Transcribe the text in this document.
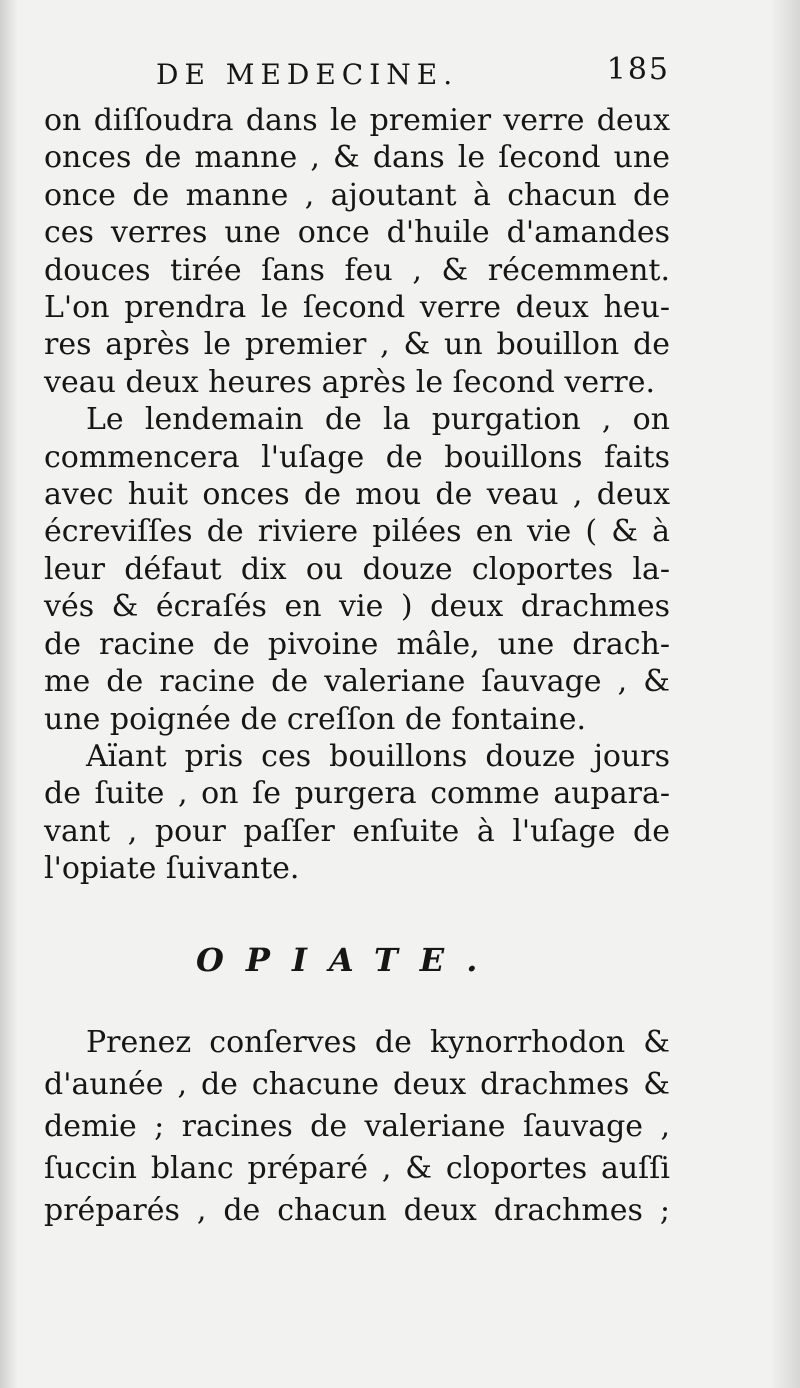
DE MEDECINE.	185
on diſſoudra dans le premier verre deux
onces de manne , & dans le ſecond une
once de manne , ajoutant à chacun de
ces verres une once d'huile d'amandes
douces tirée ſans feu , & récemment.
L'on prendra le ſecond verre deux heu-
res après le premier , & un bouillon de
veau deux heures après le ſecond verre.
Le lendemain de la purgation , on
commencera l'uſage de bouillons faits
avec huit onces de mou de veau , deux
écreviſſes de riviere pilées en vie ( & à
leur défaut dix ou douze cloportes la-
vés & écraſés en vie ) deux drachmes
de racine de pivoine mâle, une drach-
me de racine de valeriane ſauvage , &
une poignée de creſſon de fontaine.
Aïant pris ces bouillons douze jours
de ſuite , on ſe purgera comme aupara-
vant , pour paſſer enſuite à l'uſage de
l'opiate ſuivante.
OPIATE.
Prenez conſerves de kynorrhodon &
d'aunée , de chacune deux drachmes &
demie ; racines de valeriane ſauvage ,
ſuccin blanc préparé , & cloportes auſſi
préparés , de chacun deux drachmes ;
